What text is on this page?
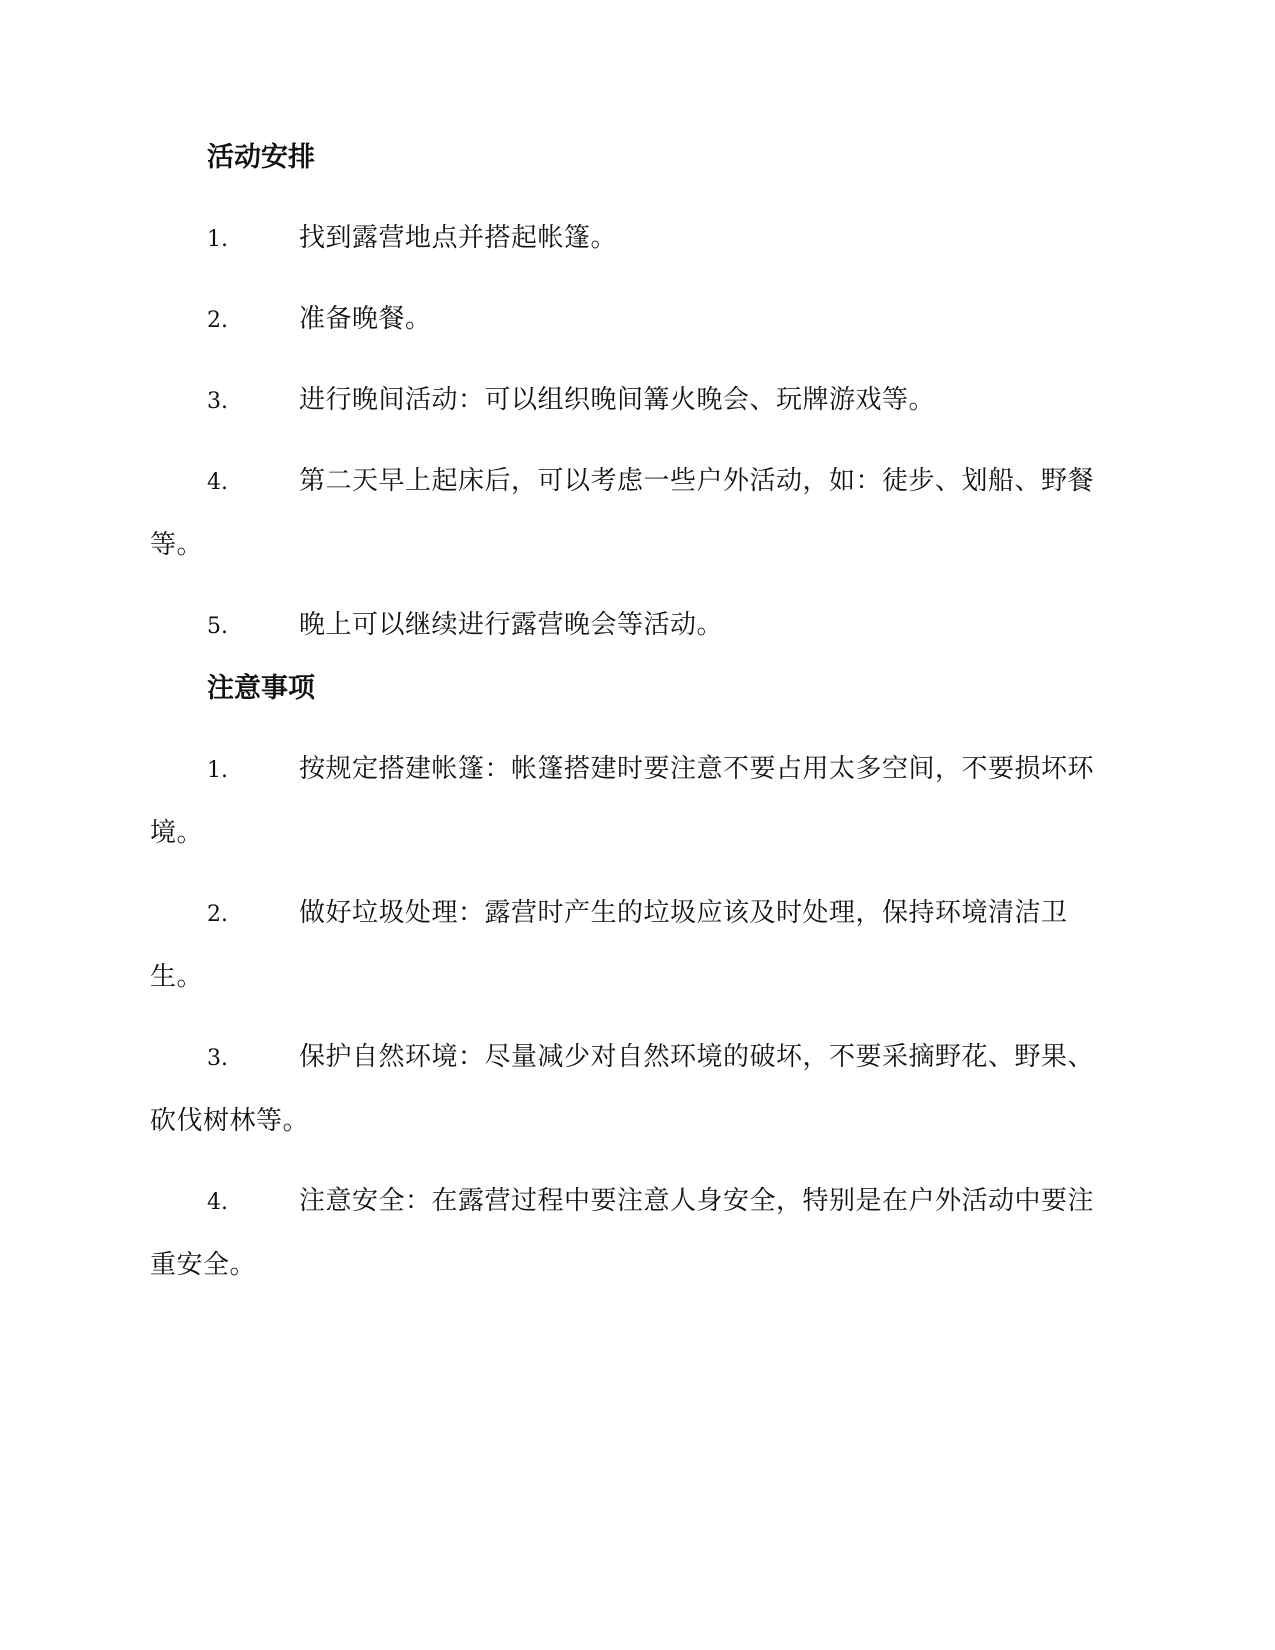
活动安排
1.	找到露营地点并搭起帐篷。
2.	准备晚餐。
3.	进行晚间活动：可以组织晚间篝火晚会、玩牌游戏等。
4.	第二天早上起床后，可以考虑一些户外活动，如：徒步、划船、野餐等。
5.	晚上可以继续进行露营晚会等活动。
注意事项
1.	按规定搭建帐篷：帐篷搭建时要注意不要占用太多空间，不要损坏环境。
2.	做好垃圾处理：露营时产生的垃圾应该及时处理，保持环境清洁卫生。
3.	保护自然环境：尽量减少对自然环境的破坏，不要采摘野花、野果、砍伐树林等。
4.	注意安全：在露营过程中要注意人身安全，特别是在户外活动中要注重安全。
